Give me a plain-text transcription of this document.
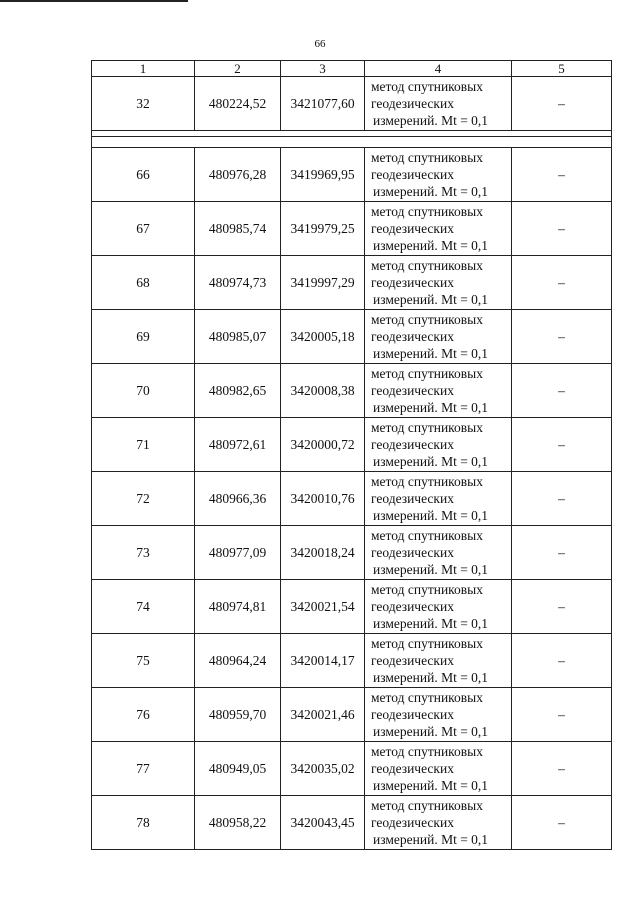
66
1	2	3	4	5
32	480224,52	3421077,60	метод спутниковых
геодезических
измерений. Mt = 0,1	–

66	480976,28	3419969,95	метод спутниковых
геодезических
измерений. Mt = 0,1	–
67	480985,74	3419979,25	метод спутниковых
геодезических
измерений. Mt = 0,1	–
68	480974,73	3419997,29	метод спутниковых
геодезических
измерений. Mt = 0,1	–
69	480985,07	3420005,18	метод спутниковых
геодезических
измерений. Mt = 0,1	–
70	480982,65	3420008,38	метод спутниковых
геодезических
измерений. Mt = 0,1	–
71	480972,61	3420000,72	метод спутниковых
геодезических
измерений. Mt = 0,1	–
72	480966,36	3420010,76	метод спутниковых
геодезических
измерений. Mt = 0,1	–
73	480977,09	3420018,24	метод спутниковых
геодезических
измерений. Mt = 0,1	–
74	480974,81	3420021,54	метод спутниковых
геодезических
измерений. Mt = 0,1	–
75	480964,24	3420014,17	метод спутниковых
геодезических
измерений. Mt = 0,1	–
76	480959,70	3420021,46	метод спутниковых
геодезических
измерений. Mt = 0,1	–
77	480949,05	3420035,02	метод спутниковых
геодезических
измерений. Mt = 0,1	–
78	480958,22	3420043,45	метод спутниковых
геодезических
измерений. Mt = 0,1	–
